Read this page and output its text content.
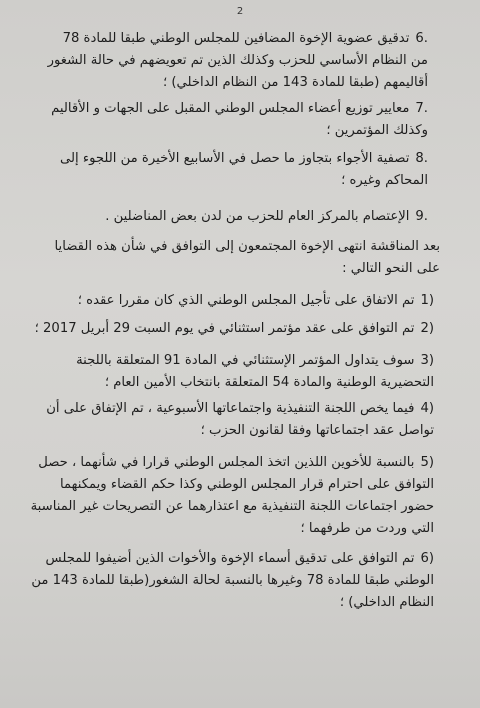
2
.6تدقيق عضوية الإخوة المضافين للمجلس الوطني طبقا للمادة 78 من النظام الأساسي للحزب وكذلك الذين تم تعويضهم في حالة الشغور أقاليمهم (طبقا للمادة 143 من النظام الداخلي) ؛
.7معايير توزيع أعضاء المجلس الوطني المقبل على الجهات و الأقاليم وكذلك المؤتمرين ؛
.8تصفية الأجواء بتجاوز ما حصل في الأسابيع الأخيرة من اللجوء إلى المحاكم وغيره ؛
.9الإعتصام بالمركز العام للحزب من لدن بعض المناضلين .
بعد المناقشة انتهى الإخوة المجتمعون إلى التوافق في شأن هذه القضايا على النحو التالي :
(1تم الاتفاق على تأجيل المجلس الوطني الذي كان مقررا عقده ؛
(2تم التوافق على عقد مؤتمر استثنائي في يوم السبت 29 أبريل 2017 ؛
(3سوف يتداول المؤتمر الإستثنائي في المادة 91 المتعلقة باللجنة التحضيرية الوطنية والمادة 54 المتعلقة بانتخاب الأمين العام ؛
(4فيما يخص اللجنة التنفيذية واجتماعاتها الأسبوعية ، تم الإتفاق على أن تواصل عقد اجتماعاتها وفقا لقانون الحزب ؛
(5بالنسبة للأخوين اللذين اتخذ المجلس الوطني قرارا في شأنهما ، حصل التوافق على احترام قرار المجلس الوطني وكذا حكم القضاء ويمكنهما حضور اجتماعات اللجنة التنفيذية مع اعتذارهما عن التصريحات غير المناسبة التي وردت من طرفهما ؛
(6تم التوافق على تدقيق أسماء الإخوة والأخوات الذين أضيفوا للمجلس الوطني طبقا للمادة 78 وغيرها بالنسبة لحالة الشغور(طبقا للمادة 143 من النظام الداخلي) ؛
